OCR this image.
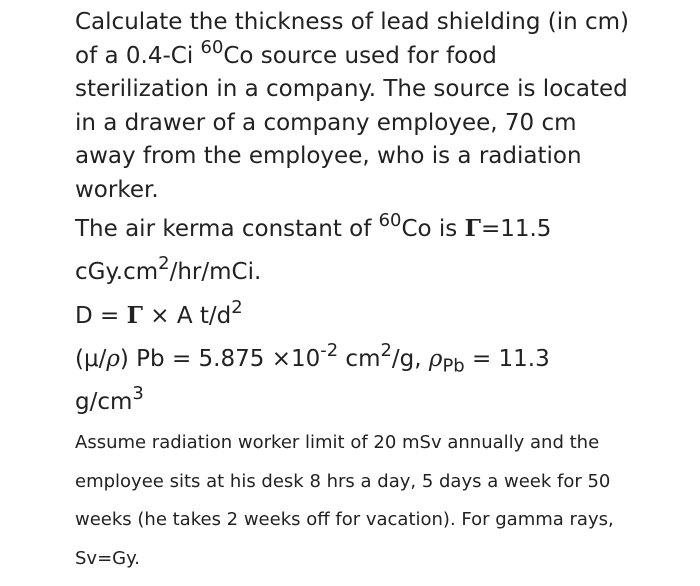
Calculate the thickness of lead shielding (in cm)
of a 0.4-Ci $^{60}$Co source used for food
sterilization in a company. The source is located
in a drawer of a company employee, 70 cm
away from the employee, who is a radiation
worker.
The air kerma constant of $^{60}$Co is Γ=11.5
$cGy.cm^2/hr$/mCi.
D = Γ × A $t/d^2$
(μ/ρ) $Pb = 5.875 \times 10^{-2}$ $cm^2/g$, $\rho_{Pb} = 11.3$
$g/cm^3$
Assume radiation worker limit of 20 mSv annually and the
employee sits at his desk 8 hrs a day, 5 days a week for 50
weeks (he takes 2 weeks off for vacation). For gamma rays,
Sv=Gy.
